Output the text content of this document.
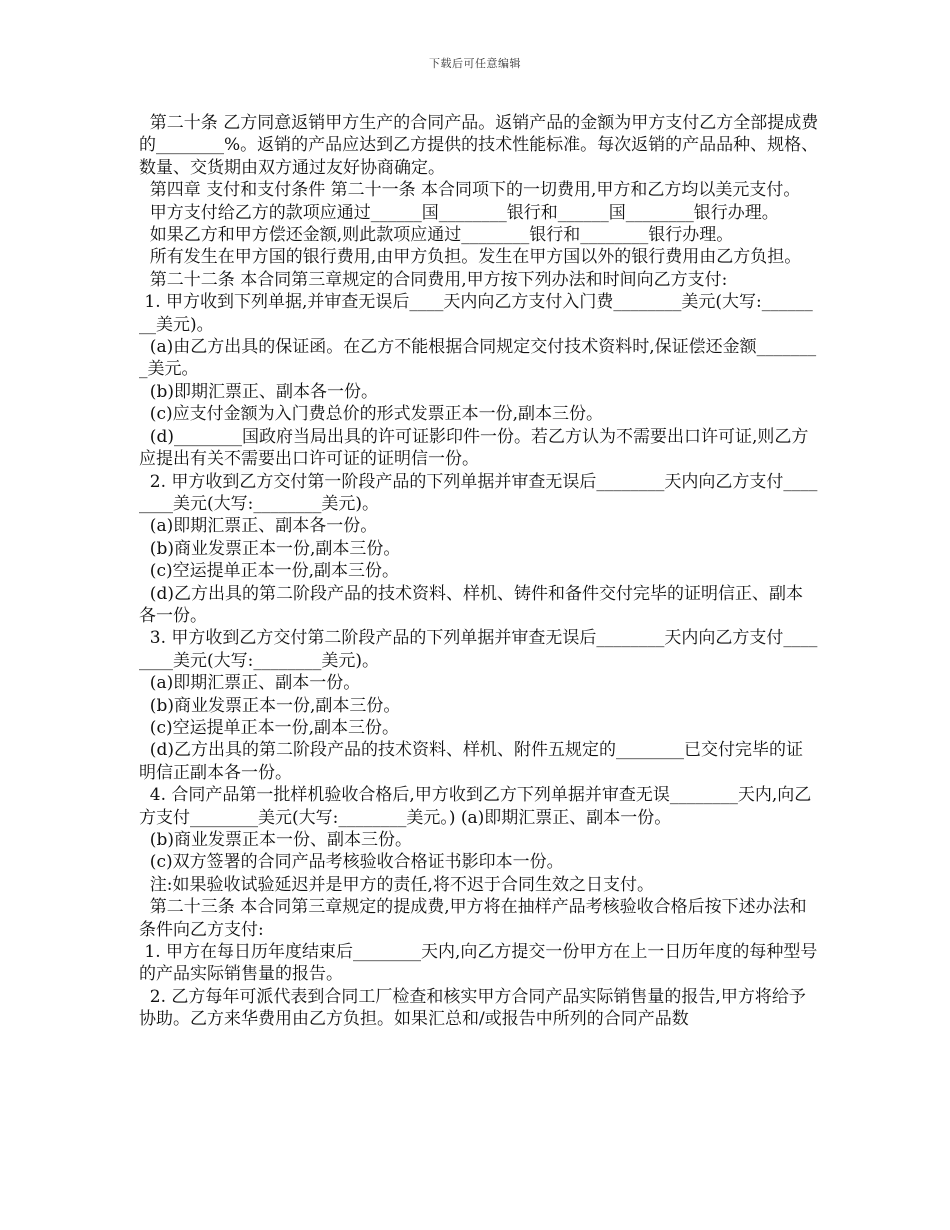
下载后可任意编辑

第二十条 乙方同意返销甲方生产的合同产品。返销产品的金额为甲方支付乙方全部提成费的________%。返销的产品应达到乙方提供的技术性能标准。每次返销的产品品种、规格、数量、交货期由双方通过友好协商确定。

第四章 支付和支付条件 第二十一条 本合同项下的一切费用,甲方和乙方均以美元支付。

甲方支付给乙方的款项应通过______国________银行和______国________银行办理。

如果乙方和甲方偿还金额,则此款项应通过________银行和________银行办理。

所有发生在甲方国的银行费用,由甲方负担。发生在甲方国以外的银行费用由乙方负担。

第二十二条 本合同第三章规定的合同费用,甲方按下列办法和时间向乙方支付:

1. 甲方收到下列单据,并审查无误后____天内向乙方支付入门费________美元(大写:________美元)。

(a)由乙方出具的保证函。在乙方不能根据合同规定交付技术资料时,保证偿还金额________美元。

(b)即期汇票正、副本各一份。

(c)应支付金额为入门费总价的形式发票正本一份,副本三份。

(d)________国政府当局出具的许可证影印件一份。若乙方认为不需要出口许可证,则乙方应提出有关不需要出口许可证的证明信一份。

2. 甲方收到乙方交付第一阶段产品的下列单据并审查无误后________天内向乙方支付________美元(大写:________美元)。

(a)即期汇票正、副本各一份。

(b)商业发票正本一份,副本三份。

(c)空运提单正本一份,副本三份。

(d)乙方出具的第二阶段产品的技术资料、样机、铸件和备件交付完毕的证明信正、副本各一份。

3. 甲方收到乙方交付第二阶段产品的下列单据并审查无误后________天内向乙方支付________美元(大写:________美元)。

(a)即期汇票正、副本一份。

(b)商业发票正本一份,副本三份。

(c)空运提单正本一份,副本三份。

(d)乙方出具的第二阶段产品的技术资料、样机、附件五规定的________已交付完毕的证明信正副本各一份。

4. 合同产品第一批样机验收合格后,甲方收到乙方下列单据并审查无误________天内,向乙方支付________美元(大写:________美元。) (a)即期汇票正、副本一份。

(b)商业发票正本一份、副本三份。

(c)双方签署的合同产品考核验收合格证书影印本一份。

注:如果验收试验延迟并是甲方的责任,将不迟于合同生效之日支付。

第二十三条 本合同第三章规定的提成费,甲方将在抽样产品考核验收合格后按下述办法和条件向乙方支付:

1. 甲方在每日历年度结束后________天内,向乙方提交一份甲方在上一日历年度的每种型号的产品实际销售量的报告。

2. 乙方每年可派代表到合同工厂检查和核实甲方合同产品实际销售量的报告,甲方将给予协助。乙方来华费用由乙方负担。如果汇总和/或报告中所列的合同产品数
